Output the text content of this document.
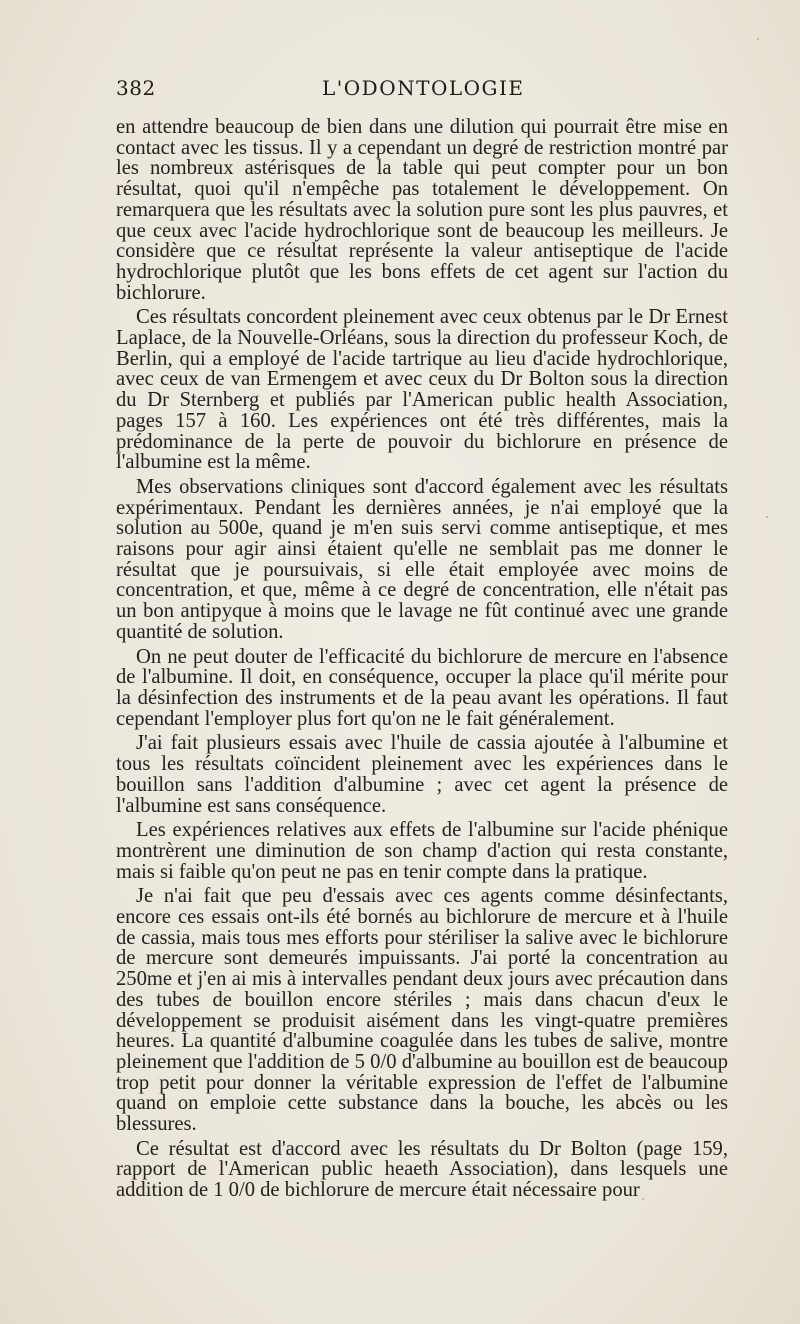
382	L'ODONTOLOGIE

en attendre beaucoup de bien dans une dilution qui pourrait être mise en contact avec les tissus. Il y a cependant un degré de restriction montré par les nombreux astérisques de la table qui peut compter pour un bon résultat, quoi qu'il n'empêche pas totalement le développement. On remarquera que les résultats avec la solution pure sont les plus pauvres, et que ceux avec l'acide hydrochlorique sont de beaucoup les meilleurs. Je considère que ce résultat représente la valeur antiseptique de l'acide hydrochlorique plutôt que les bons effets de cet agent sur l'action du bichlorure.

Ces résultats concordent pleinement avec ceux obtenus par le Dr Ernest Laplace, de la Nouvelle-Orléans, sous la direction du professeur Koch, de Berlin, qui a employé de l'acide tartrique au lieu d'acide hydrochlorique, avec ceux de van Ermengem et avec ceux du Dr Bolton sous la direction du Dr Sternberg et publiés par l'American public health Association, pages 157 à 160. Les expériences ont été très différentes, mais la prédominance de la perte de pouvoir du bichlorure en présence de l'albumine est la même.

Mes observations cliniques sont d'accord également avec les résultats expérimentaux. Pendant les dernières années, je n'ai employé que la solution au 500e, quand je m'en suis servi comme antiseptique, et mes raisons pour agir ainsi étaient qu'elle ne semblait pas me donner le résultat que je poursuivais, si elle était employée avec moins de concentration, et que, même à ce degré de concentration, elle n'était pas un bon antipyque à moins que le lavage ne fût continué avec une grande quantité de solution.

On ne peut douter de l'efficacité du bichlorure de mercure en l'absence de l'albumine. Il doit, en conséquence, occuper la place qu'il mérite pour la désinfection des instruments et de la peau avant les opérations. Il faut cependant l'employer plus fort qu'on ne le fait généralement.

J'ai fait plusieurs essais avec l'huile de cassia ajoutée à l'albumine et tous les résultats coïncident pleinement avec les expériences dans le bouillon sans l'addition d'albumine ; avec cet agent la présence de l'albumine est sans conséquence.

Les expériences relatives aux effets de l'albumine sur l'acide phénique montrèrent une diminution de son champ d'action qui resta constante, mais si faible qu'on peut ne pas en tenir compte dans la pratique.

Je n'ai fait que peu d'essais avec ces agents comme désinfectants, encore ces essais ont-ils été bornés au bichlorure de mercure et à l'huile de cassia, mais tous mes efforts pour stériliser la salive avec le bichlorure de mercure sont demeurés impuissants. J'ai porté la concentration au 250me et j'en ai mis à intervalles pendant deux jours avec précaution dans des tubes de bouillon encore stériles ; mais dans chacun d'eux le développement se produisit aisément dans les vingt-quatre premières heures. La quantité d'albumine coagulée dans les tubes de salive, montre pleinement que l'addition de 5 0/0 d'albumine au bouillon est de beaucoup trop petit pour donner la véritable expression de l'effet de l'albumine quand on emploie cette substance dans la bouche, les abcès ou les blessures.

Ce résultat est d'accord avec les résultats du Dr Bolton (page 159, rapport de l'American public heaeth Association), dans lesquels une addition de 1 0/0 de bichlorure de mercure était nécessaire pour
